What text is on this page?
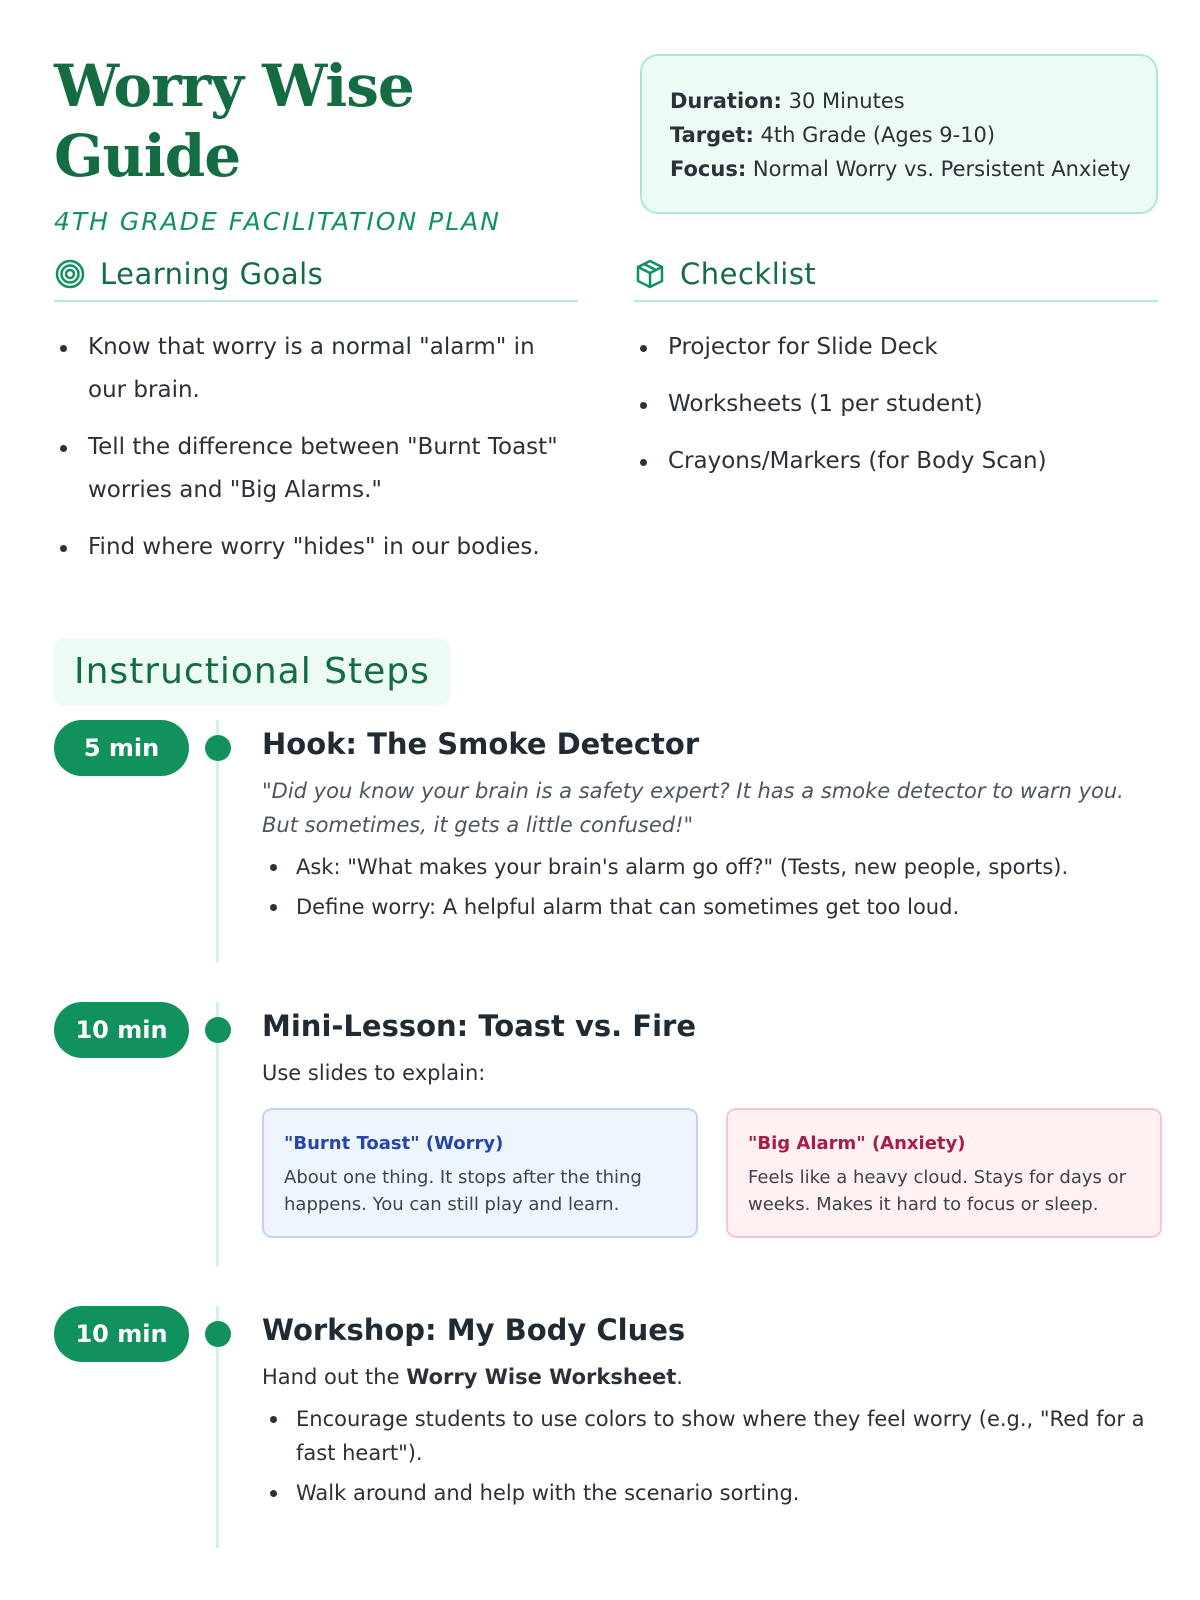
Worry Wise Guide
4TH GRADE FACILITATION PLAN
Duration: 30 Minutes
Target: 4th Grade (Ages 9-10)
Focus: Normal Worry vs. Persistent Anxiety
Learning Goals
Know that worry is a normal "alarm" in our brain.
Tell the difference between "Burnt Toast" worries and "Big Alarms."
Find where worry "hides" in our bodies.
Checklist
Projector for Slide Deck
Worksheets (1 per student)
Crayons/Markers (for Body Scan)
Instructional Steps
5 min	Hook: The Smoke Detector
"Did you know your brain is a safety expert? It has a smoke detector to warn you. But sometimes, it gets a little confused!"
Ask: "What makes your brain's alarm go off?" (Tests, new people, sports).
Define worry: A helpful alarm that can sometimes get too loud.
10 min	Mini-Lesson: Toast vs. Fire
Use slides to explain:
"Burnt Toast" (Worry)
About one thing. It stops after the thing happens. You can still play and learn.
"Big Alarm" (Anxiety)
Feels like a heavy cloud. Stays for days or weeks. Makes it hard to focus or sleep.
10 min	Workshop: My Body Clues
Hand out the Worry Wise Worksheet.
Encourage students to use colors to show where they feel worry (e.g., "Red for a fast heart").
Walk around and help with the scenario sorting.
